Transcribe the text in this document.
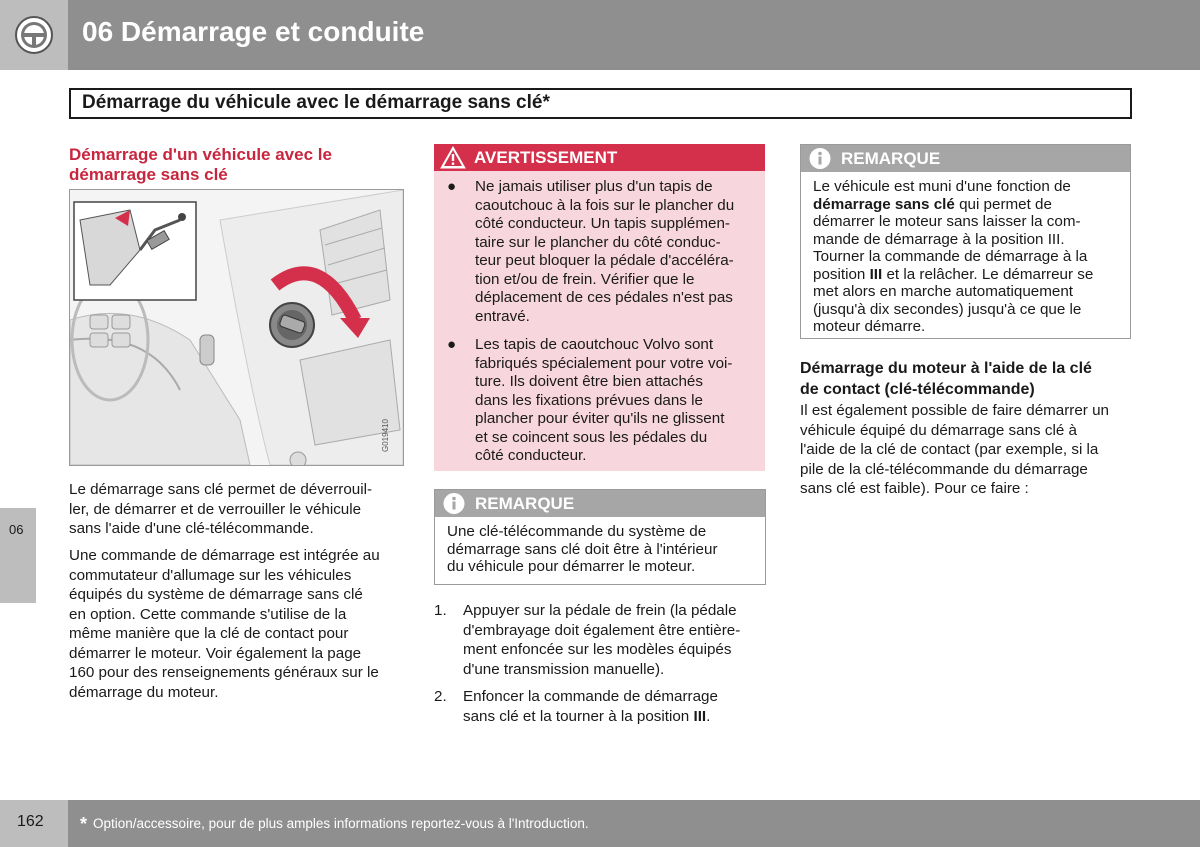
06 Démarrage et conduite
Démarrage du véhicule avec le démarrage sans clé*
06
Démarrage d'un véhicule avec le démarrage sans clé
G019410
Le démarrage sans clé permet de déverrouil-
ler, de démarrer et de verrouiller le véhicule
sans l'aide d'une clé-télécommande.
Une commande de démarrage est intégrée au
commutateur d'allumage sur les véhicules
équipés du système de démarrage sans clé
en option. Cette commande s'utilise de la
même manière que la clé de contact pour
démarrer le moteur. Voir également la page
160 pour des renseignements généraux sur le
démarrage du moteur.
AVERTISSEMENT
● Ne jamais utiliser plus d'un tapis de
caoutchouc à la fois sur le plancher du
côté conducteur. Un tapis supplémen-
taire sur le plancher du côté conduc-
teur peut bloquer la pédale d'accéléra-
tion et/ou de frein. Vérifier que le
déplacement de ces pédales n'est pas
entravé.
● Les tapis de caoutchouc Volvo sont
fabriqués spécialement pour votre voi-
ture. Ils doivent être bien attachés
dans les fixations prévues dans le
plancher pour éviter qu'ils ne glissent
et se coincent sous les pédales du
côté conducteur.
REMARQUE
Une clé-télécommande du système de
démarrage sans clé doit être à l'intérieur
du véhicule pour démarrer le moteur.
1. Appuyer sur la pédale de frein (la pédale
d'embrayage doit également être entière-
ment enfoncée sur les modèles équipés
d'une transmission manuelle).
2. Enfoncer la commande de démarrage
sans clé et la tourner à la position III.
REMARQUE
Le véhicule est muni d'une fonction de
démarrage sans clé qui permet de
démarrer le moteur sans laisser la com-
mande de démarrage à la position III.
Tourner la commande de démarrage à la
position III et la relâcher. Le démarreur se
met alors en marche automatiquement
(jusqu'à dix secondes) jusqu'à ce que le
moteur démarre.
Démarrage du moteur à l'aide de la clé
de contact (clé-télécommande)
Il est également possible de faire démarrer un
véhicule équipé du démarrage sans clé à
l'aide de la clé de contact (par exemple, si la
pile de la clé-télécommande du démarrage
sans clé est faible). Pour ce faire :
162 * Option/accessoire, pour de plus amples informations reportez-vous à l'Introduction.
